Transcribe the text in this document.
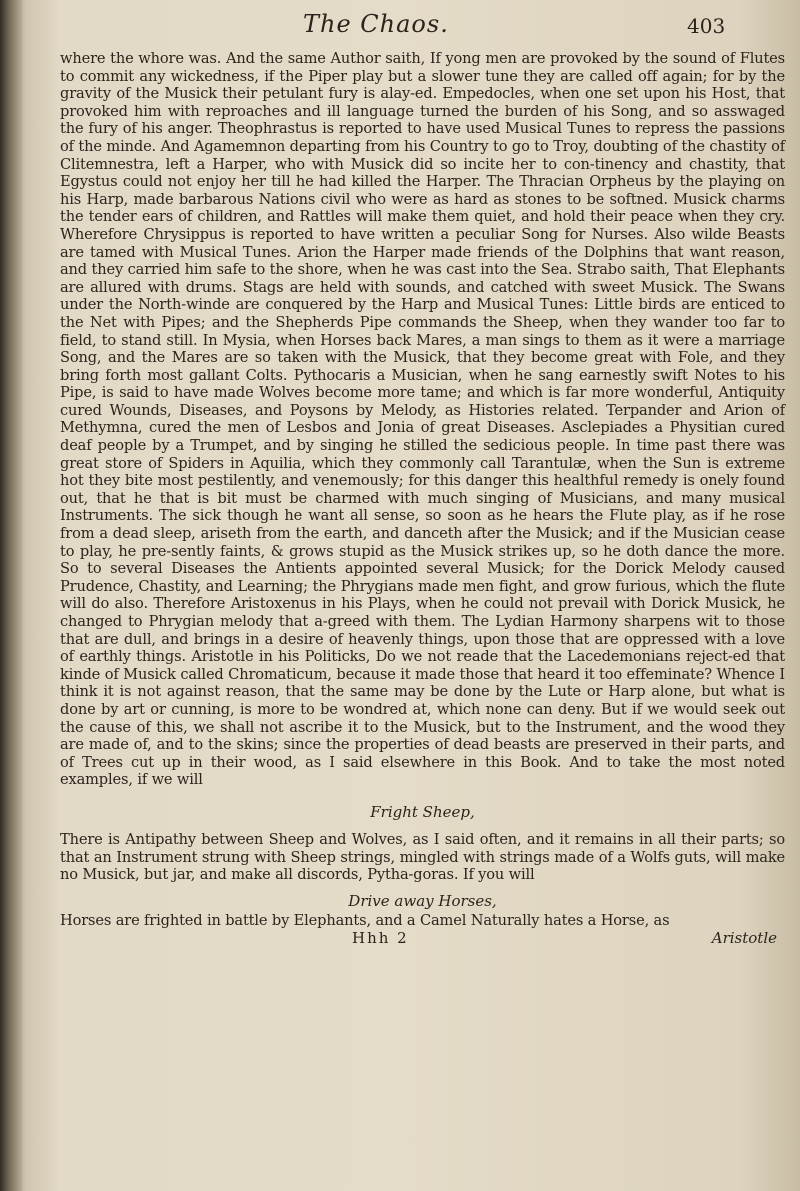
The Chaos.	403

where the whore was. And the same Author saith, If yong men are provoked by the sound of Flutes to commit any wickedness, if the Piper play but a slower tune they are called off again; for by the gravity of the Musick their petulant fury is alay-ed. Empedocles, when one set upon his Host, that provoked him with reproaches and ill language turned the burden of his Song, and so asswaged the fury of his anger. Theophrastus is reported to have used Musical Tunes to repress the passions of the minde. And Agamemnon departing from his Country to go to Troy, doubting of the chastity of Clitemnestra, left a Harper, who with Musick did so incite her to con-tinency and chastity, that Egystus could not enjoy her till he had killed the Harper. The Thracian Orpheus by the playing on his Harp, made barbarous Nations civil who were as hard as stones to be softned. Musick charms the tender ears of children, and Rattles will make them quiet, and hold their peace when they cry. Wherefore Chrysippus is reported to have written a peculiar Song for Nurses. Also wilde Beasts are tamed with Musical Tunes. Arion the Harper made friends of the Dolphins that want reason, and they carried him safe to the shore, when he was cast into the Sea. Strabo saith, That Elephants are allured with drums. Stags are held with sounds, and catched with sweet Musick. The Swans under the North-winde are conquered by the Harp and Musical Tunes: Little birds are enticed to the Net with Pipes; and the Shepherds Pipe commands the Sheep, when they wander too far to field, to stand still. In Mysia, when Horses back Mares, a man sings to them as it were a marriage Song, and the Mares are so taken with the Musick, that they become great with Fole, and they bring forth most gallant Colts. Pythocaris a Musician, when he sang earnestly swift Notes to his Pipe, is said to have made Wolves become more tame; and which is far more wonderful, Antiquity cured Wounds, Diseases, and Poysons by Melody, as Histories related. Terpander and Arion of Methymna, cured the men of Lesbos and Jonia of great Diseases. Asclepiades a Physitian cured deaf people by a Trumpet, and by singing he stilled the sedicious people. In time past there was great store of Spiders in Aquilia, which they commonly call Tarantulæ, when the Sun is extreme hot they bite most pestilently, and venemously; for this danger this healthful remedy is onely found out, that he that is bit must be charmed with much singing of Musicians, and many musical Instruments. The sick though he want all sense, so soon as he hears the Flute play, as if he rose from a dead sleep, ariseth from the earth, and danceth after the Musick; and if the Musician cease to play, he pre-sently faints, & grows stupid as the Musick strikes up, so he doth dance the more. So to several Diseases the Antients appointed several Musick; for the Dorick Melody caused Prudence, Chastity, and Learning; the Phrygians made men fight, and grow furious, which the flute will do also. Therefore Aristoxenus in his Plays, when he could not prevail with Dorick Musick, he changed to Phrygian melody that a-greed with them. The Lydian Harmony sharpens wit to those that are dull, and brings in a desire of heavenly things, upon those that are oppressed with a love of earthly things. Aristotle in his Politicks, Do we not reade that the Lacedemonians reject-ed that kinde of Musick called Chromaticum, because it made those that heard it too effeminate? Whence I think it is not against reason, that the same may be done by the Lute or Harp alone, but what is done by art or cunning, is more to be wondred at, which none can deny. But if we would seek out the cause of this, we shall not ascribe it to the Musick, but to the Instrument, and the wood they are made of, and to the skins; since the properties of dead beasts are preserved in their parts, and of Trees cut up in their wood, as I said elsewhere in this Book. And to take the most noted examples, if we will

Fright Sheep,

There is Antipathy between Sheep and Wolves, as I said often, and it remains in all their parts; so that an Instrument strung with Sheep strings, mingled with strings made of a Wolfs guts, will make no Musick, but jar, and make all discords, Pytha-goras. If you will

Drive away Horses,

Horses are frighted in battle by Elephants, and a Camel Naturally hates a Horse, as

Hhh 2	Aristotle
